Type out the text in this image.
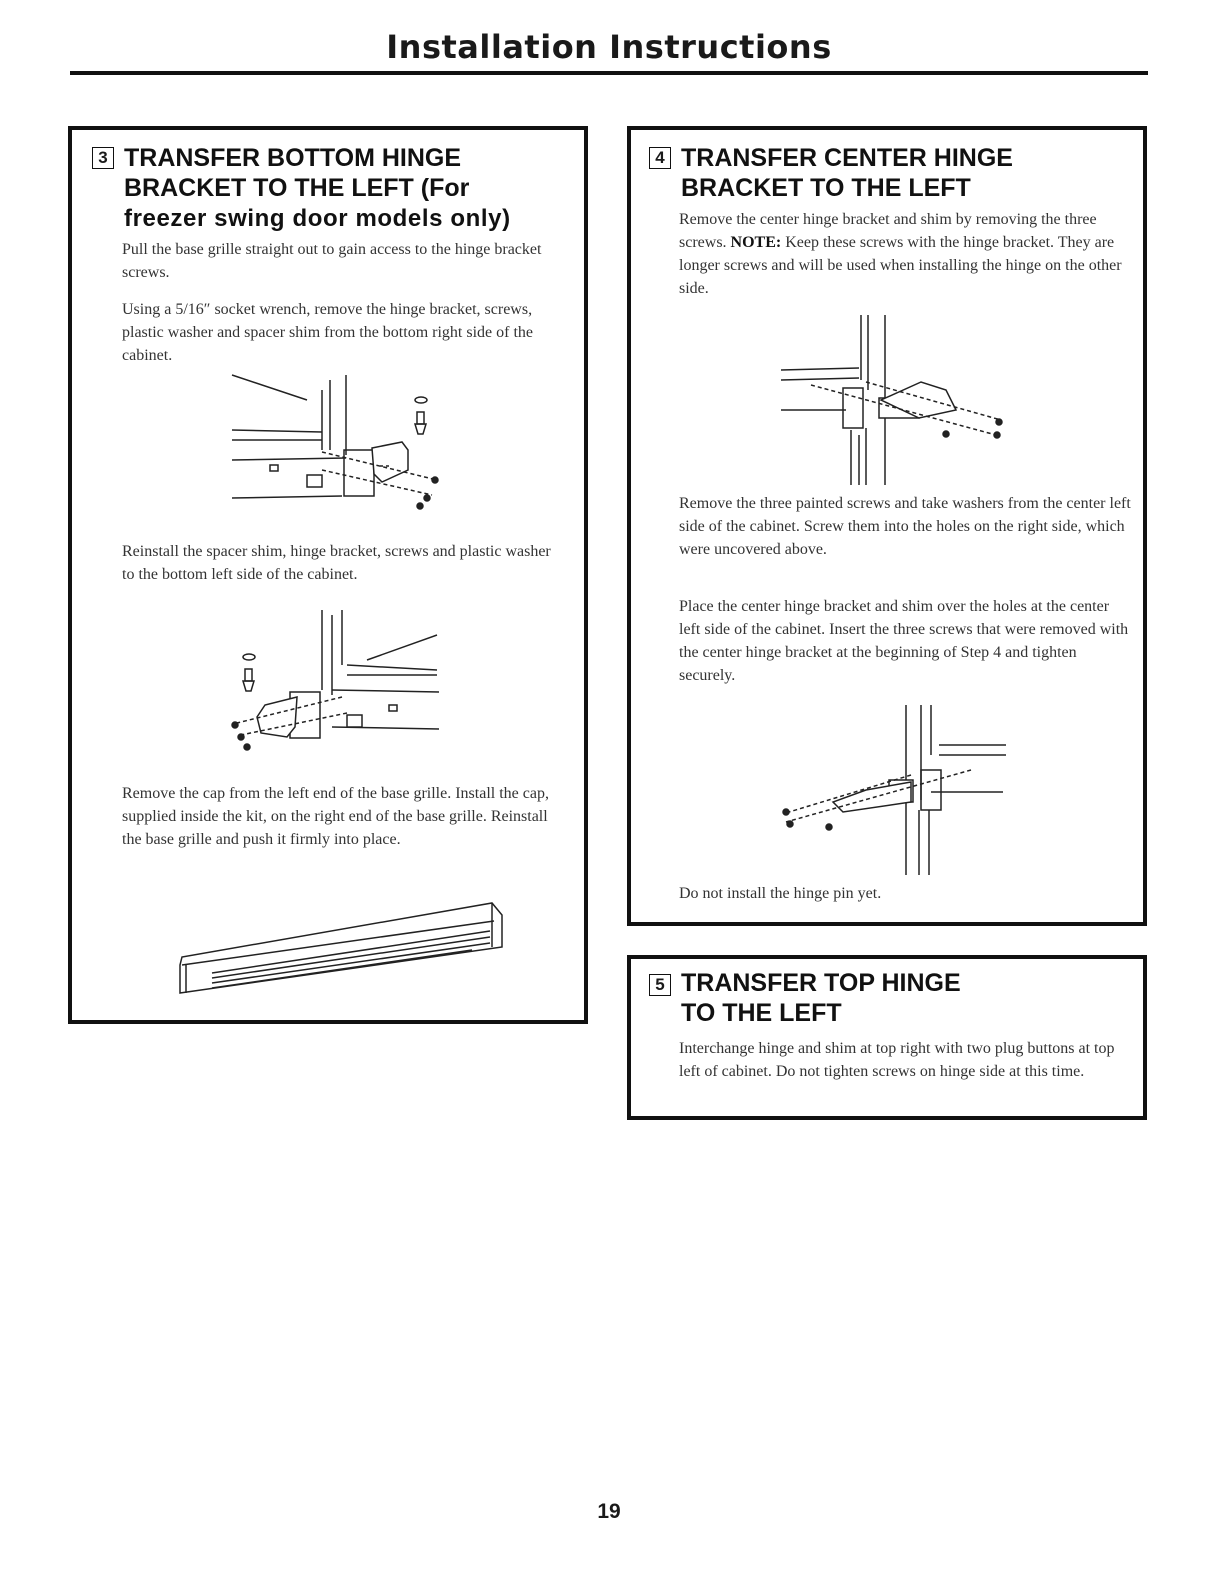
Installation Instructions
3 TRANSFER BOTTOM HINGE
BRACKET TO THE LEFT (For
freezer swing door models only)
Pull the base grille straight out to gain access to the hinge bracket screws.
Using a 5/16″ socket wrench, remove the hinge bracket, screws, plastic washer and spacer shim from the bottom right side of the cabinet.
Reinstall the spacer shim, hinge bracket, screws and plastic washer to the bottom left side of the cabinet.
Remove the cap from the left end of the base grille. Install the cap, supplied inside the kit, on the right end of the base grille. Reinstall the base grille and push it firmly into place.
4 TRANSFER CENTER HINGE
BRACKET TO THE LEFT
Remove the center hinge bracket and shim by removing the three screws. NOTE: Keep these screws with the hinge bracket. They are longer screws and will be used when installing the hinge on the other side.
Remove the three painted screws and take washers from the center left side of the cabinet. Screw them into the holes on the right side, which were uncovered above.
Place the center hinge bracket and shim over the holes at the center left side of the cabinet. Insert the three screws that were removed with the center hinge bracket at the beginning of Step 4 and tighten securely.
Do not install the hinge pin yet.
5 TRANSFER TOP HINGE
TO THE LEFT
Interchange hinge and shim at top right with two plug buttons at top left of cabinet. Do not tighten screws on hinge side at this time.
19
